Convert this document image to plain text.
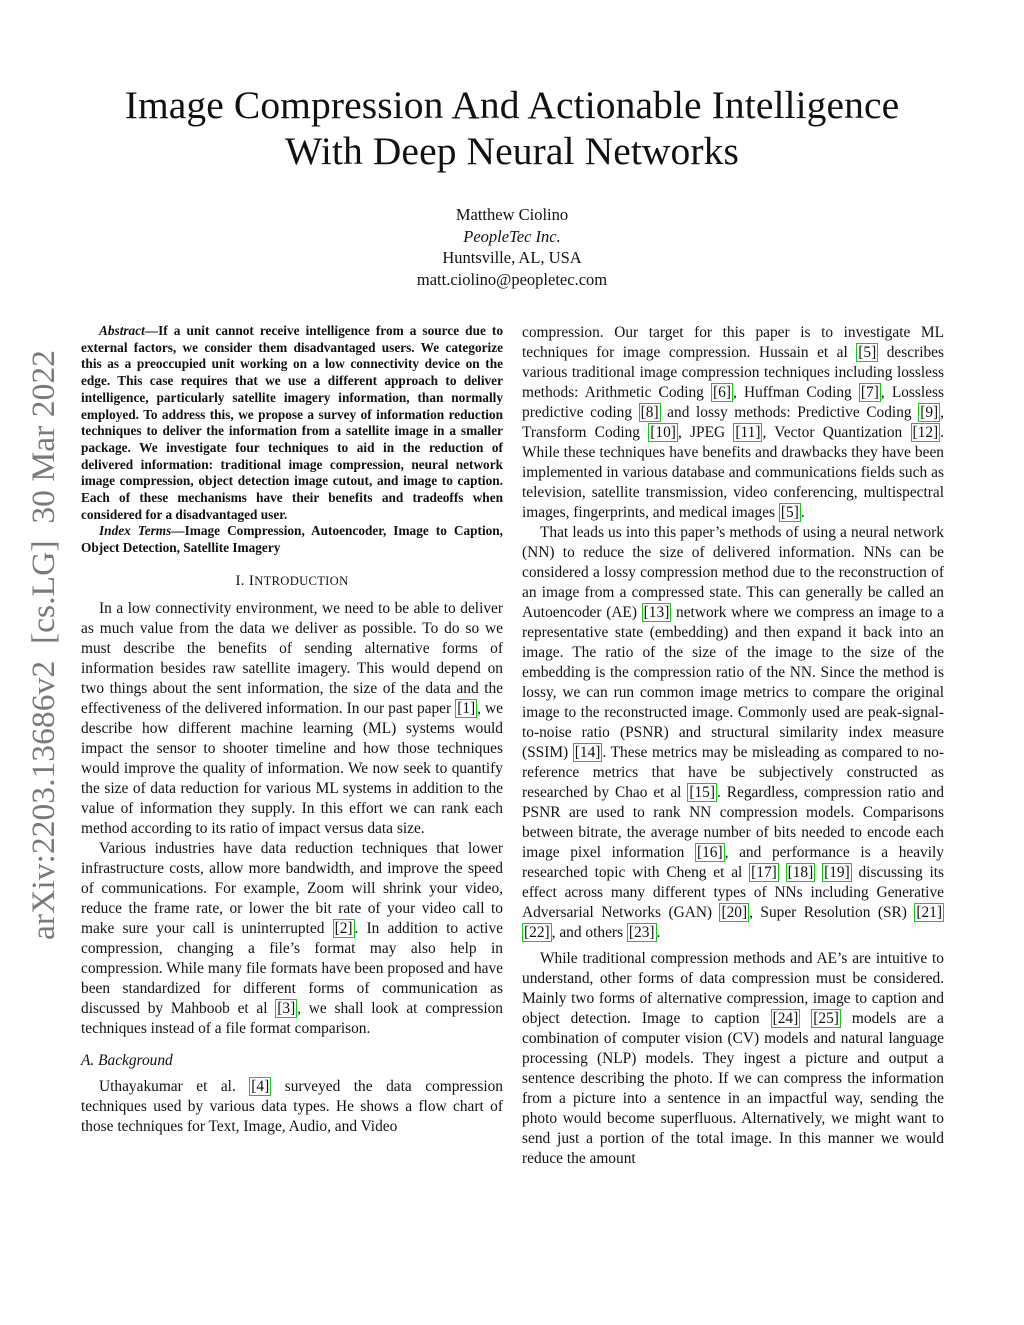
arXiv:2203.13686v2  [cs.LG]  30 Mar 2022
Image Compression And Actionable Intelligence
With Deep Neural Networks
Matthew Ciolino
PeopleTec Inc.
Huntsville, AL, USA
matt.ciolino@peopletec.com

Abstract—If a unit cannot receive intelligence from a source due to external factors, we consider them disadvantaged users. We categorize this as a preoccupied unit working on a low connectivity device on the edge. This case requires that we use a different approach to deliver intelligence, particularly satellite imagery information, than normally employed. To address this, we propose a survey of information reduction techniques to deliver the information from a satellite image in a smaller package. We investigate four techniques to aid in the reduction of delivered information: traditional image compression, neural network image compression, object detection image cutout, and image to caption. Each of these mechanisms have their benefits and tradeoffs when considered for a disadvantaged user.

Index Terms—Image Compression, Autoencoder, Image to Caption, Object Detection, Satellite Imagery

I. INTRODUCTION

In a low connectivity environment, we need to be able to deliver as much value from the data we deliver as possible. To do so we must describe the benefits of sending alternative forms of information besides raw satellite imagery. This would depend on two things about the sent information, the size of the data and the effectiveness of the delivered information. In our past paper [1] , we describe how different machine learning (ML) systems would impact the sensor to shooter timeline and how those techniques would improve the quality of information. We now seek to quantify the size of data reduction for various ML systems in addition to the value of information they supply. In this effort we can rank each method according to its ratio of impact versus data size.

Various industries have data reduction techniques that lower infrastructure costs, allow more bandwidth, and improve the speed of communications. For example, Zoom will shrink your video, reduce the frame rate, or lower the bit rate of your video call to make sure your call is uninterrupted [2] . In addition to active compression, changing a file’s format may also help in compression. While many file formats have been proposed and have been standardized for different forms of communication as discussed by Mahboob et al [3] , we shall look at compression techniques instead of a file format comparison.

A. Background

Uthayakumar et al. [4] surveyed the data compression techniques used by various data types. He shows a flow chart of those techniques for Text, Image, Audio, and Video

compression. Our target for this paper is to investigate ML techniques for image compression. Hussain et al [5] describes various traditional image compression techniques including lossless methods: Arithmetic Coding [6] , Huffman Coding [7] , Lossless predictive coding [8] and lossy methods: Predictive Coding [9] , Transform Coding [10] , JPEG [11] , Vector Quantization [12] . While these techniques have benefits and drawbacks they have been implemented in various database and communications fields such as television, satellite transmission, video conferencing, multispectral images, fingerprints, and medical images [5] .

That leads us into this paper’s methods of using a neural network (NN) to reduce the size of delivered information. NNs can be considered a lossy compression method due to the reconstruction of an image from a compressed state. This can generally be called an Autoencoder (AE) [13] network where we compress an image to a representative state (embedding) and then expand it back into an image. The ratio of the size of the image to the size of the embedding is the compression ratio of the NN. Since the method is lossy, we can run common image metrics to compare the original image to the reconstructed image. Commonly used are peak-signal-to-noise ratio (PSNR) and structural similarity index measure (SSIM) [14] . These metrics may be misleading as compared to no-reference metrics that have be subjectively constructed as researched by Chao et al [15] . Regardless, compression ratio and PSNR are used to rank NN compression models. Comparisons between bitrate, the average number of bits needed to encode each image pixel information [16] , and performance is a heavily researched topic with Cheng et al [17] [18] [19] discussing its effect across many different types of NNs including Generative Adversarial Networks (GAN) [20] , Super Resolution (SR) [21] [22] , and others [23] .

While traditional compression methods and AE’s are intuitive to understand, other forms of data compression must be considered. Mainly two forms of alternative compression, image to caption and object detection. Image to caption [24] [25] models are a combination of computer vision (CV) models and natural language processing (NLP) models. They ingest a picture and output a sentence describing the photo. If we can compress the information from a picture into a sentence in an impactful way, sending the photo would become superfluous. Alternatively, we might want to send just a portion of the total image. In this manner we would reduce the amount
